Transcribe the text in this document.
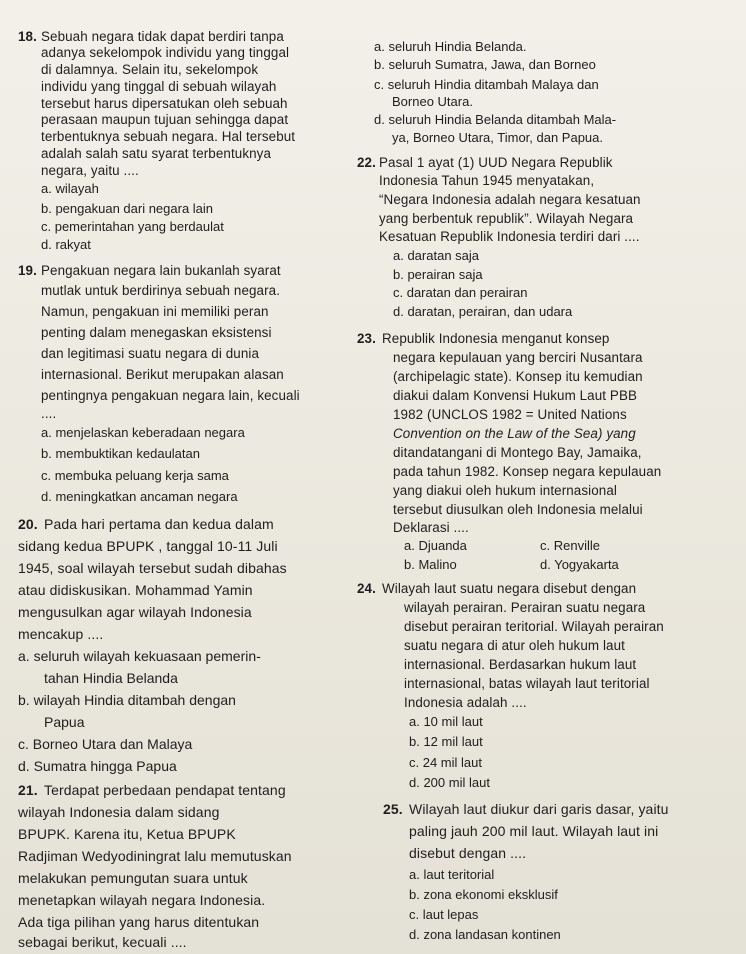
18. Sebuah negara tidak dapat berdiri tanpa
adanya sekelompok individu yang tinggal
di dalamnya. Selain itu, sekelompok
individu yang tinggal di sebuah wilayah
tersebut harus dipersatukan oleh sebuah
perasaan maupun tujuan sehingga dapat
terbentuknya sebuah negara. Hal tersebut
adalah salah satu syarat terbentuknya
negara, yaitu ....
a. wilayah
b. pengakuan dari negara lain
c. pemerintahan yang berdaulat
d. rakyat
19. Pengakuan negara lain bukanlah syarat
mutlak untuk berdirinya sebuah negara.
Namun, pengakuan ini memiliki peran
penting dalam menegaskan eksistensi
dan legitimasi suatu negara di dunia
internasional. Berikut merupakan alasan
pentingnya pengakuan negara lain, kecuali
....
a. menjelaskan keberadaan negara
b. membuktikan kedaulatan
c. membuka peluang kerja sama
d. meningkatkan ancaman negara
20. Pada hari pertama dan kedua dalam
sidang kedua BPUPK , tanggal 10-11 Juli
1945, soal wilayah tersebut sudah dibahas
atau didiskusikan. Mohammad Yamin
mengusulkan agar wilayah Indonesia
mencakup ....
a. seluruh wilayah kekuasaan pemerin-
tahan Hindia Belanda
b. wilayah Hindia ditambah dengan
Papua
c. Borneo Utara dan Malaya
d. Sumatra hingga Papua
21. Terdapat perbedaan pendapat tentang
wilayah Indonesia dalam sidang
BPUPK. Karena itu, Ketua BPUPK
Radjiman Wedyodiningrat lalu memutuskan
melakukan pemungutan suara untuk
menetapkan wilayah negara Indonesia.
Ada tiga pilihan yang harus ditentukan
sebagai berikut, kecuali ....
a. seluruh Hindia Belanda.
b. seluruh Sumatra, Jawa, dan Borneo
c. seluruh Hindia ditambah Malaya dan
Borneo Utara.
d. seluruh Hindia Belanda ditambah Mala-
ya, Borneo Utara, Timor, dan Papua.
22. Pasal 1 ayat (1) UUD Negara Republik
Indonesia Tahun 1945 menyatakan,
“Negara Indonesia adalah negara kesatuan
yang berbentuk republik”. Wilayah Negara
Kesatuan Republik Indonesia terdiri dari ....
a. daratan saja
b. perairan saja
c. daratan dan perairan
d. daratan, perairan, dan udara
23. Republik Indonesia menganut konsep
negara kepulauan yang berciri Nusantara
(archipelagic state). Konsep itu kemudian
diakui dalam Konvensi Hukum Laut PBB
1982 (UNCLOS 1982 = United Nations
Convention on the Law of the Sea) yang
ditandatangani di Montego Bay, Jamaika,
pada tahun 1982. Konsep negara kepulauan
yang diakui oleh hukum internasional
tersebut diusulkan oleh Indonesia melalui
Deklarasi ....
a. Djuanda
b. Malino
c. Renville
d. Yogyakarta
24. Wilayah laut suatu negara disebut dengan
wilayah perairan. Perairan suatu negara
disebut perairan teritorial. Wilayah perairan
suatu negara di atur oleh hukum laut
internasional. Berdasarkan hukum laut
internasional, batas wilayah laut teritorial
Indonesia adalah ....
a. 10 mil laut
b. 12 mil laut
c. 24 mil laut
d. 200 mil laut
25. Wilayah laut diukur dari garis dasar, yaitu
paling jauh 200 mil laut. Wilayah laut ini
disebut dengan ....
a. laut teritorial
b. zona ekonomi eksklusif
c. laut lepas
d. zona landasan kontinen
